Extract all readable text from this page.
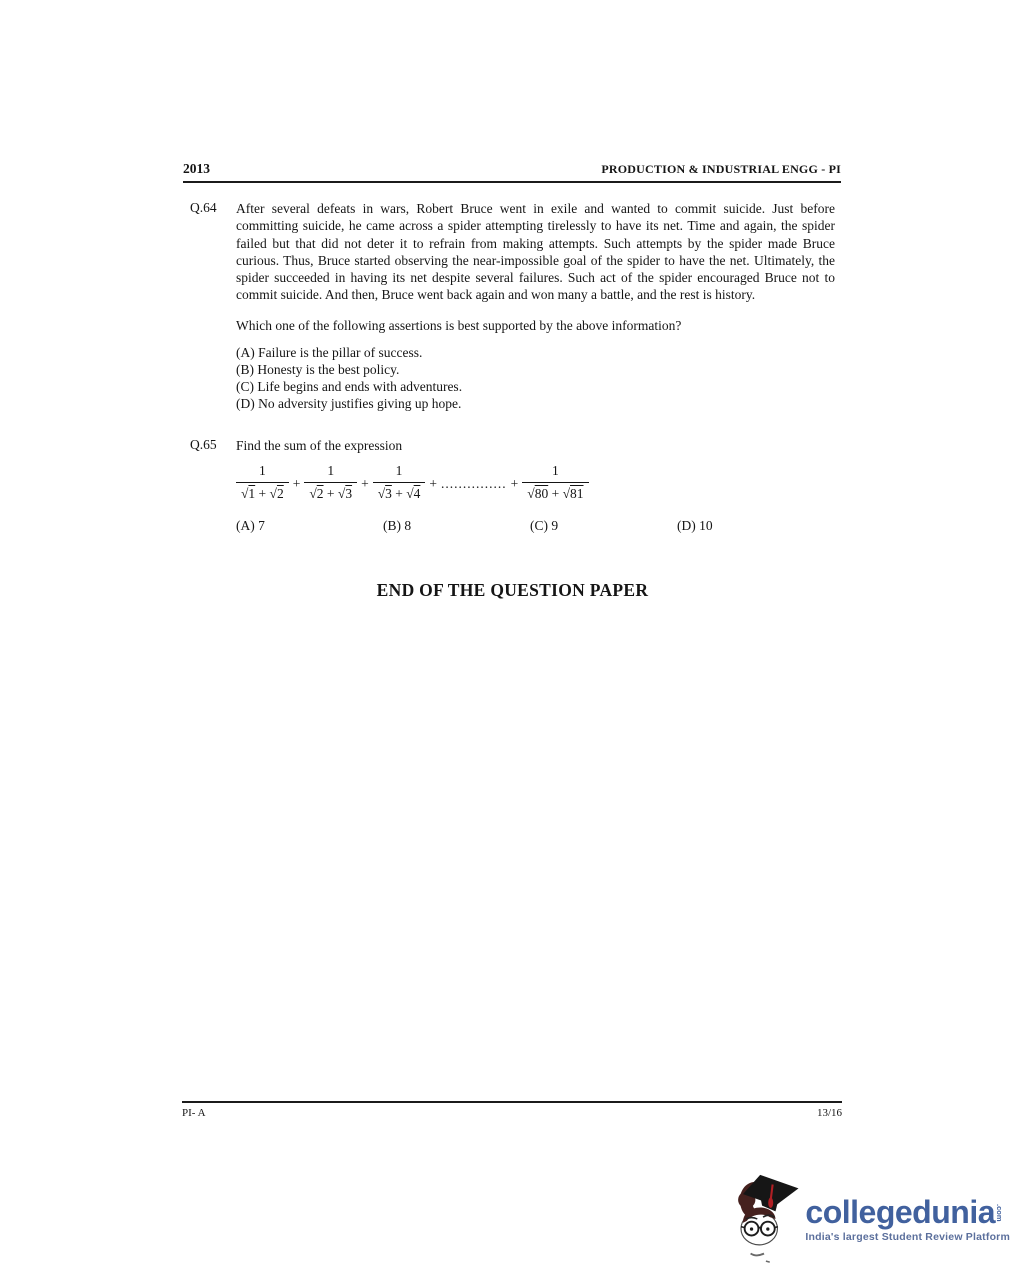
2013	PRODUCTION & INDUSTRIAL ENGG - PI
Q.64	After several defeats in wars, Robert Bruce went in exile and wanted to commit suicide. Just before committing suicide, he came across a spider attempting tirelessly to have its net. Time and again, the spider failed but that did not deter it to refrain from making attempts. Such attempts by the spider made Bruce curious. Thus, Bruce started observing the near-impossible goal of the spider to have the net. Ultimately, the spider succeeded in having its net despite several failures. Such act of the spider encouraged Bruce not to commit suicide. And then, Bruce went back again and won many a battle, and the rest is history.
Which one of the following assertions is best supported by the above information?
(A) Failure is the pillar of success.
(B) Honesty is the best policy.
(C) Life begins and ends with adventures.
(D) No adversity justifies giving up hope.
Q.65	Find the sum of the expression
$\frac{1}{√1 + √2} + \frac{1}{√2 + √3} + \frac{1}{√3 + √4}$ + ............... + $\frac{1}{√80 + √81}$
(A) 7	(B) 8	(C) 9	(D) 10
END OF THE QUESTION PAPER
PI- A	13/16
collegedunia .com
India's largest Student Review Platform
